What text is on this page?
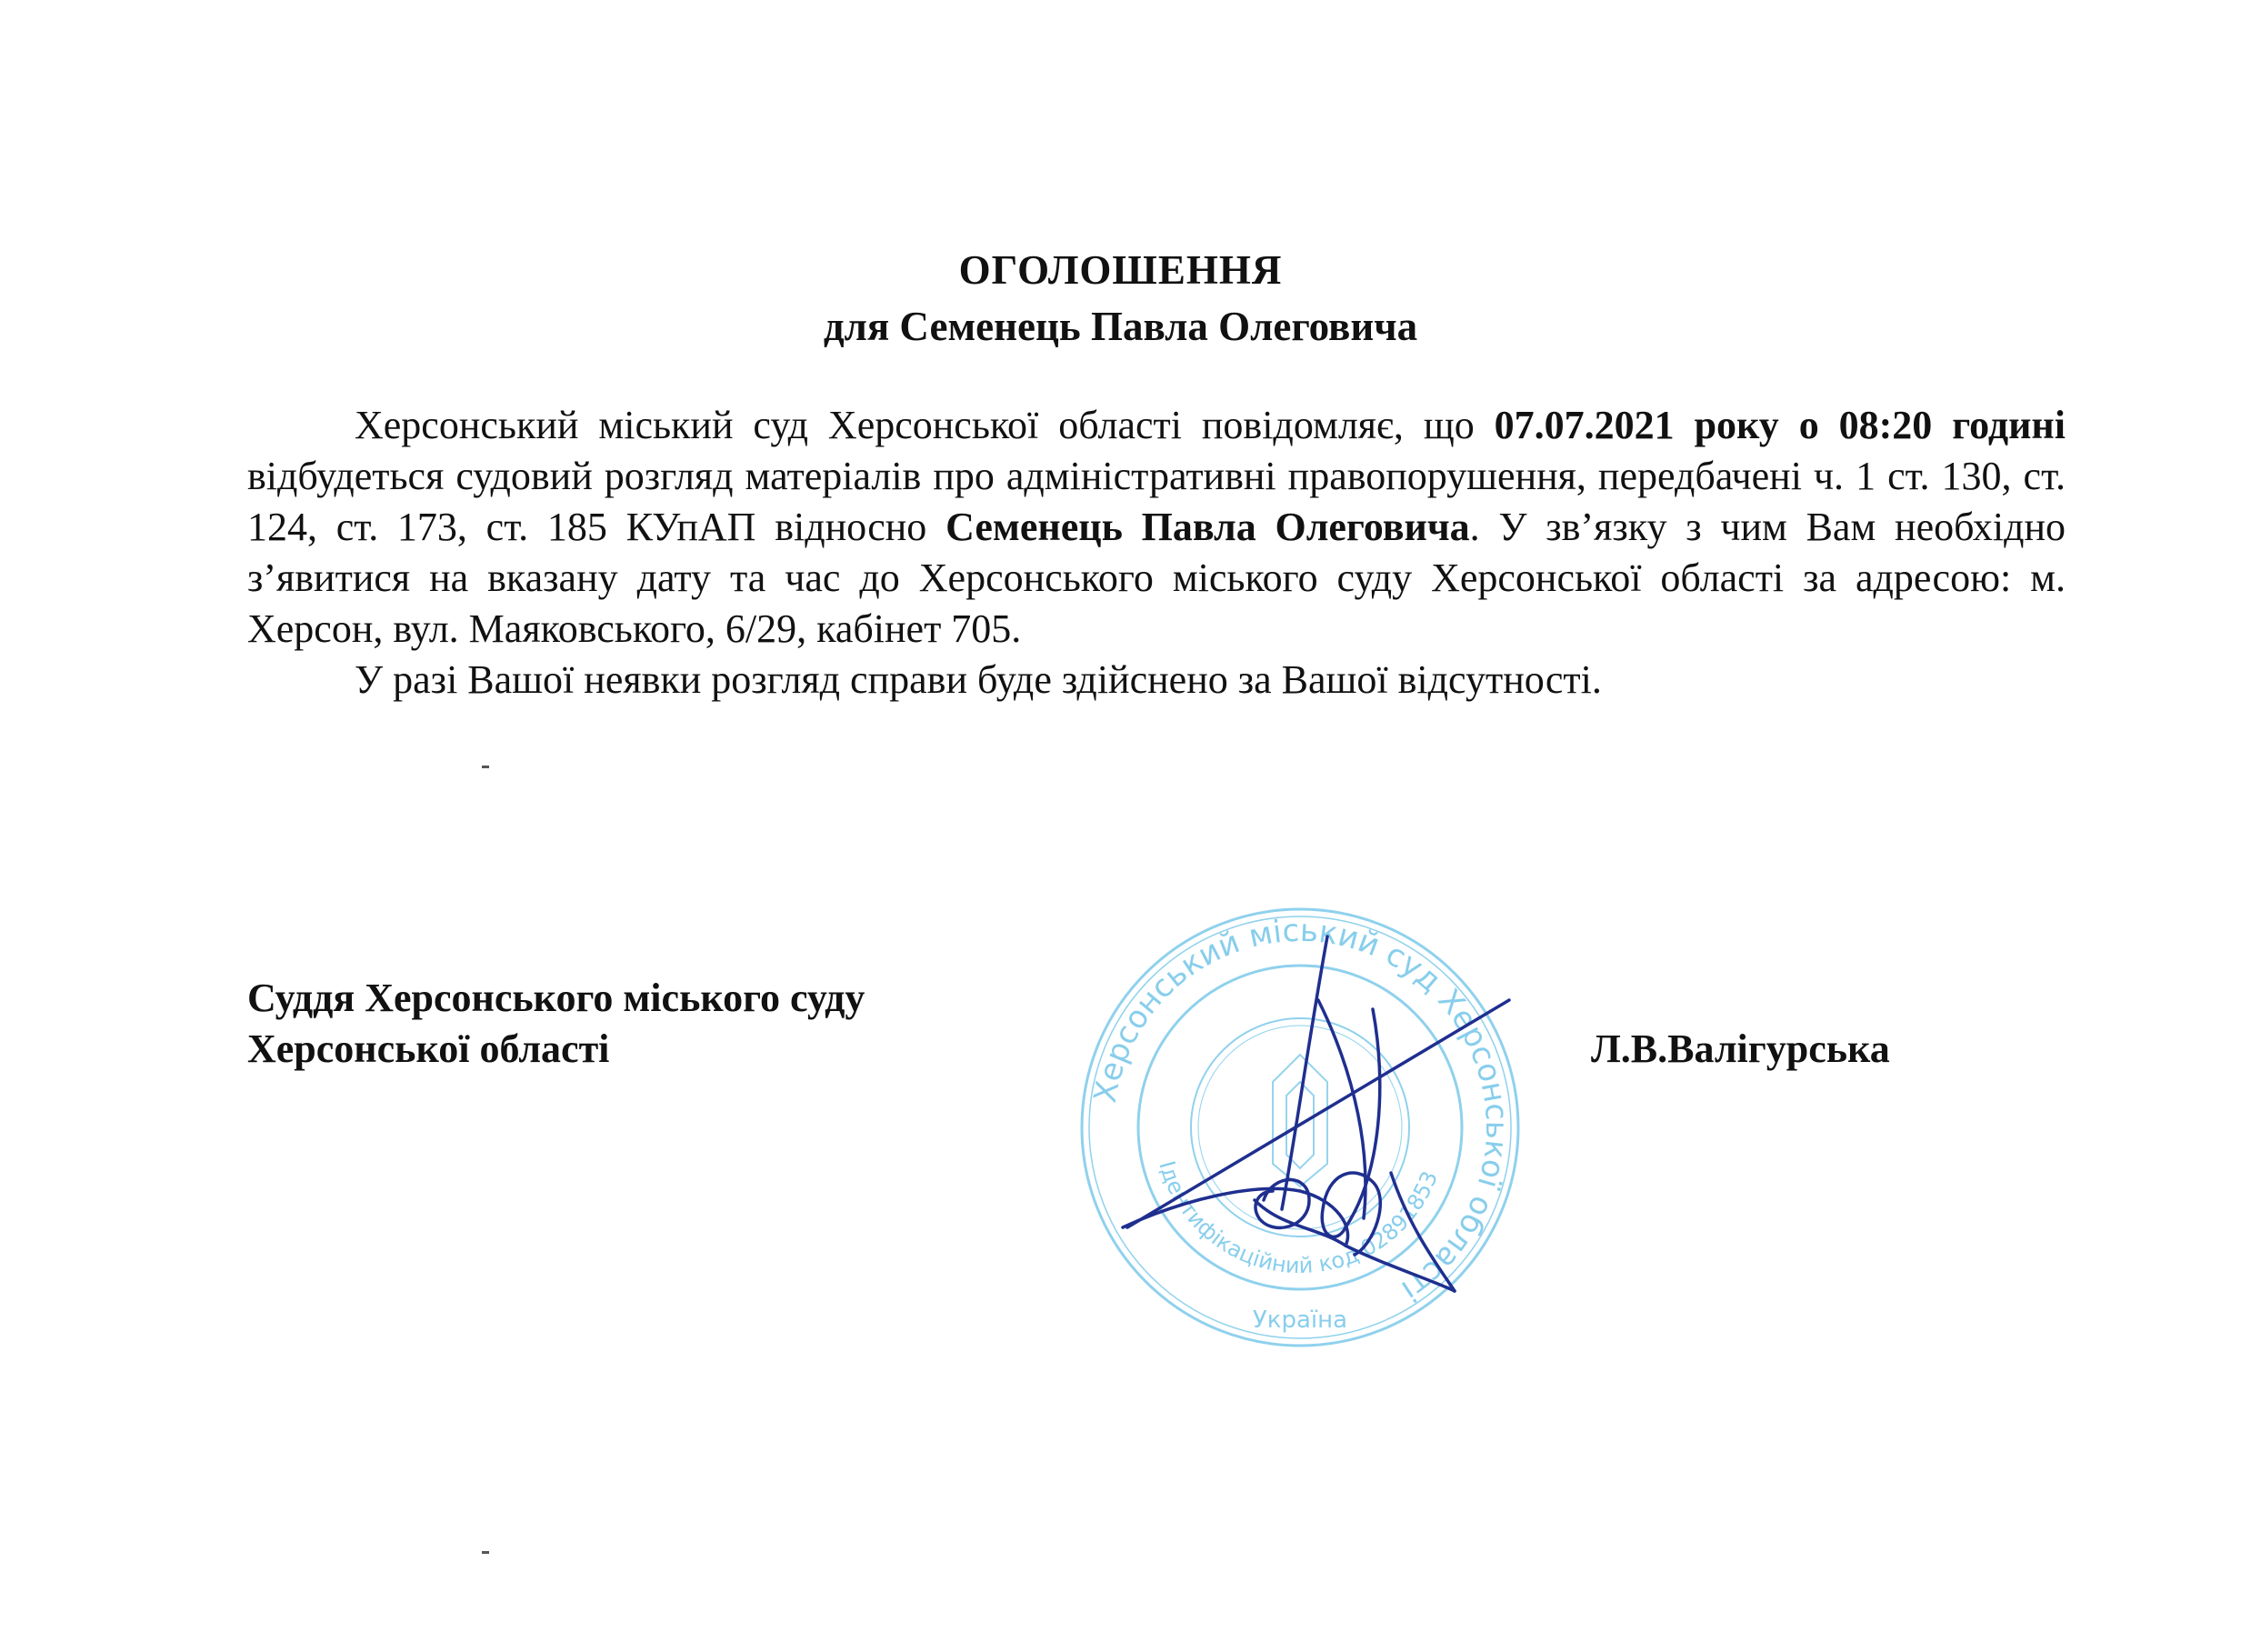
ОГОЛОШЕННЯ
для Семенець Павла Олеговича

Херсонський міський суд Херсонської області повідомляє, що 07.07.2021 року о 08:20 годині відбудеться судовий розгляд матеріалів про адміністративні правопорушення, передбачені ч. 1 ст. 130, ст. 124, ст. 173, ст. 185 КУпАП відносно Семенець Павла Олеговича. У зв’язку з чим Вам необхідно з’явитися на вказану дату та час до Херсонського міського суду Херсонської області за адресою: м. Херсон, вул. Маяковського, 6/29, кабінет 705.

У разі Вашої неявки розгляд справи буде здійснено за Вашої відсутності.

Суддя Херсонського міського суду
Херсонської області	Л.В.Валігурська
Херсонський міський суд Херсонської області
Ідентифікаційний код 02891853
Україна
